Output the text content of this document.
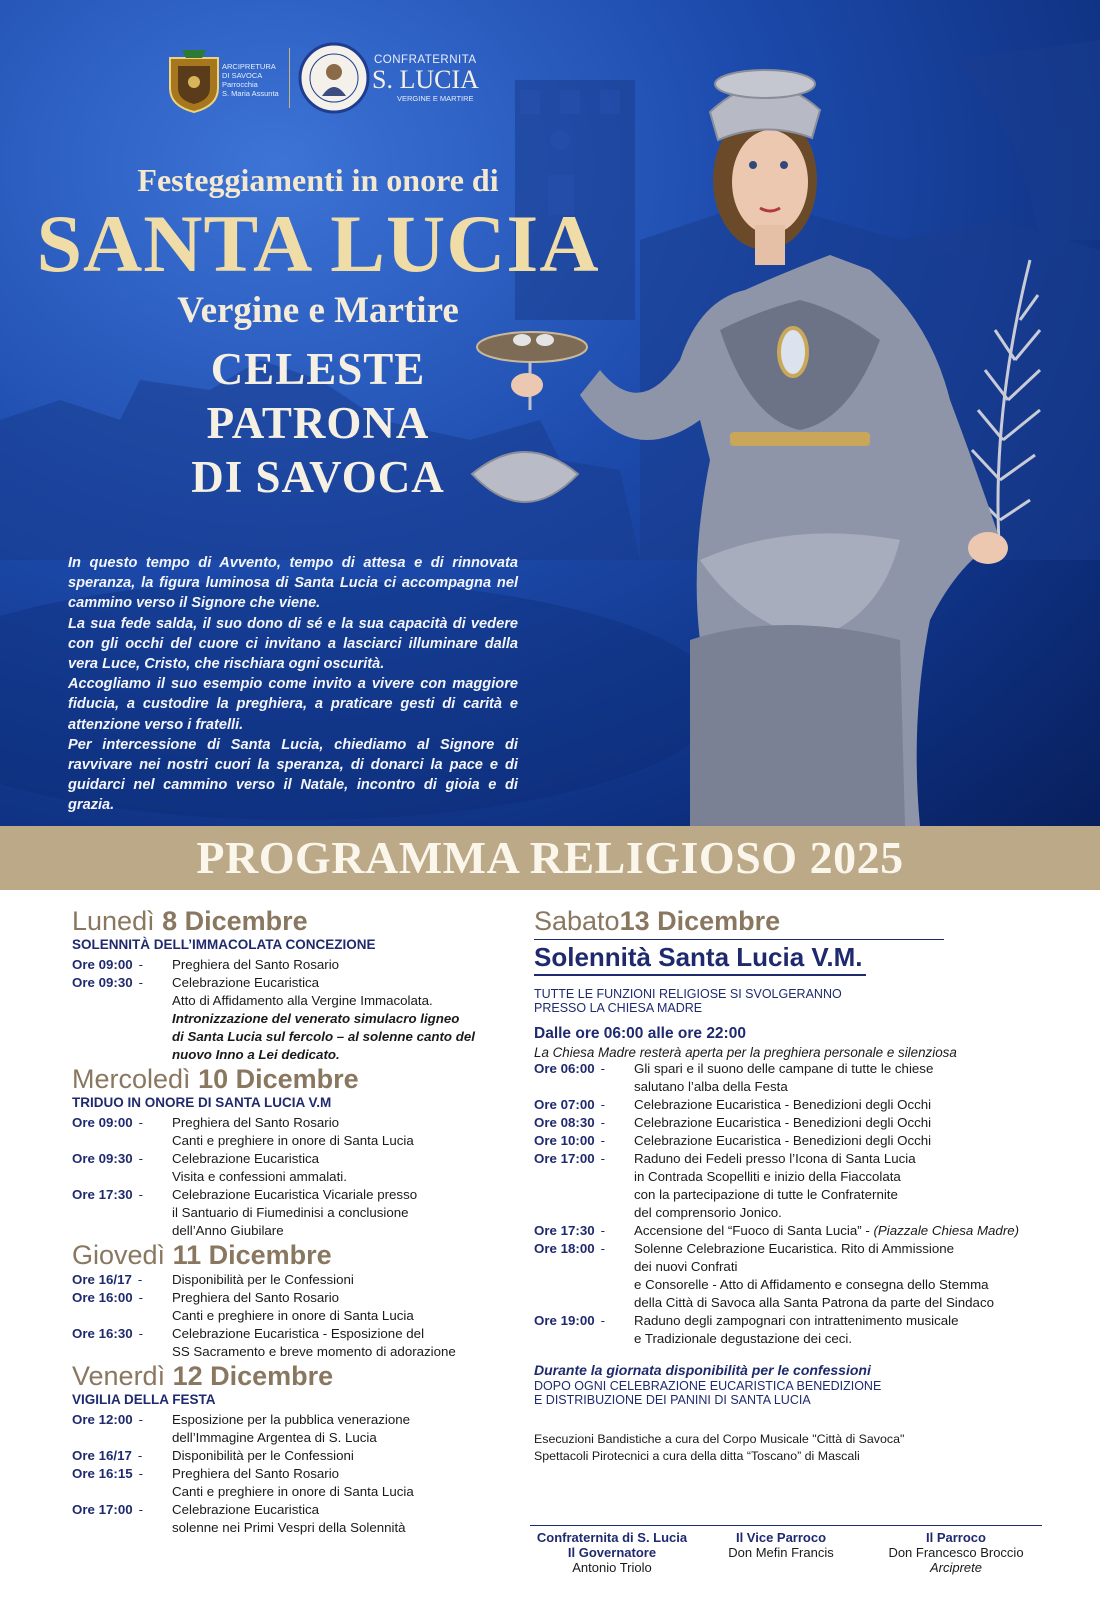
ARCIPRETURA
DI SAVOCA
Parrocchia
S. Maria Assunta
CONFRATERNITA
S. LUCIA
VERGINE E MARTIRE
Festeggiamenti in onore di
SANTA LUCIA
Vergine e Martire
CELESTE
PATRONA
DI SAVOCA

In questo tempo di Avvento, tempo di attesa e di rinnovata speranza, la figura luminosa di Santa Lucia ci accompagna nel cammino verso il Signore che viene.

La sua fede salda, il suo dono di sé e la sua capacità di vedere con gli occhi del cuore ci invitano a lasciarci illuminare dalla vera Luce, Cristo, che rischiara ogni oscurità.

Accogliamo il suo esempio come invito a vivere con maggiore fiducia, a custodire la preghiera, a praticare gesti di carità e attenzione verso i fratelli.

Per intercessione di Santa Lucia, chiediamo al Signore di ravvivare nei nostri cuori la speranza, di donarci la pace e di guidarci nel cammino verso il Natale, incontro di gioia e di grazia.

PROGRAMMA RELIGIOSO 2025
Lunedì 8 Dicembre
SOLENNITÀ DELL’IMMACOLATA CONCEZIONE
Ore 09:00 -	Preghiera del Santo Rosario
Ore 09:30 -	Celebrazione Eucaristica
Atto di Affidamento alla Vergine Immacolata.
Intronizzazione del venerato simulacro ligneo
di Santa Lucia sul fercolo – al solenne canto del
nuovo Inno a Lei dedicato.
Mercoledì 10 Dicembre
TRIDUO IN ONORE DI SANTA LUCIA V.M
Ore 09:00 -	Preghiera del Santo Rosario
Canti e preghiere in onore di Santa Lucia
Ore 09:30 -	Celebrazione Eucaristica
Visita e confessioni ammalati.
Ore 17:30 -	Celebrazione Eucaristica Vicariale presso
il Santuario di Fiumedinisi a conclusione
dell’Anno Giubilare
Giovedì 11 Dicembre
Ore 16/17 -	Disponibilità per le Confessioni
Ore 16:00 -	Preghiera del Santo Rosario
Canti e preghiere in onore di Santa Lucia
Ore 16:30 -	Celebrazione Eucaristica - Esposizione del
SS Sacramento e breve momento di adorazione
Venerdì 12 Dicembre
VIGILIA DELLA FESTA
Ore 12:00 -	Esposizione per la pubblica venerazione
dell’Immagine Argentea di S. Lucia
Ore 16/17 -	Disponibilità per le Confessioni
Ore 16:15 -	Preghiera del Santo Rosario
Canti e preghiere in onore di Santa Lucia
Ore 17:00 -	Celebrazione Eucaristica
solenne nei Primi Vespri della Solennità
Sabato13 Dicembre
Solennità Santa Lucia V.M.
TUTTE LE FUNZIONI RELIGIOSE SI SVOLGERANNO
PRESSO LA CHIESA MADRE
Dalle ore 06:00 alle ore 22:00
La Chiesa Madre resterà aperta per la preghiera personale e silenziosa
Ore 06:00 -	Gli spari e il suono delle campane di tutte le chiese
salutano l’alba della Festa
Ore 07:00 -	Celebrazione Eucaristica - Benedizioni degli Occhi
Ore 08:30 -	Celebrazione Eucaristica - Benedizioni degli Occhi
Ore 10:00 -	Celebrazione Eucaristica - Benedizioni degli Occhi
Ore 17:00 -	Raduno dei Fedeli presso l’Icona di Santa Lucia
in Contrada Scopelliti e inizio della Fiaccolata
con la partecipazione di tutte le Confraternite
del comprensorio Jonico.
Ore 17:30 -	Accensione del “Fuoco di Santa Lucia” - (Piazzale Chiesa Madre)
Ore 18:00 -	Solenne Celebrazione Eucaristica. Rito di Ammissione
dei nuovi Confrati
e Consorelle - Atto di Affidamento e consegna dello Stemma
della Città di Savoca alla Santa Patrona da parte del Sindaco
Ore 19:00 -	Raduno degli zampognari con intrattenimento musicale
e Tradizionale degustazione dei ceci.
Durante la giornata disponibilità per le confessioni
DOPO OGNI CELEBRAZIONE EUCARISTICA BENEDIZIONE
E DISTRIBUZIONE DEI PANINI DI SANTA LUCIA
Esecuzioni Bandistiche a cura del Corpo Musicale "Città di Savoca"
Spettacoli Pirotecnici a cura della ditta “Toscano” di Mascali
Confraternita di S. Lucia
Il Governatore
Antonio Triolo
Il Vice Parroco
Don Mefin Francis
Il Parroco
Don Francesco Broccio
Arciprete
